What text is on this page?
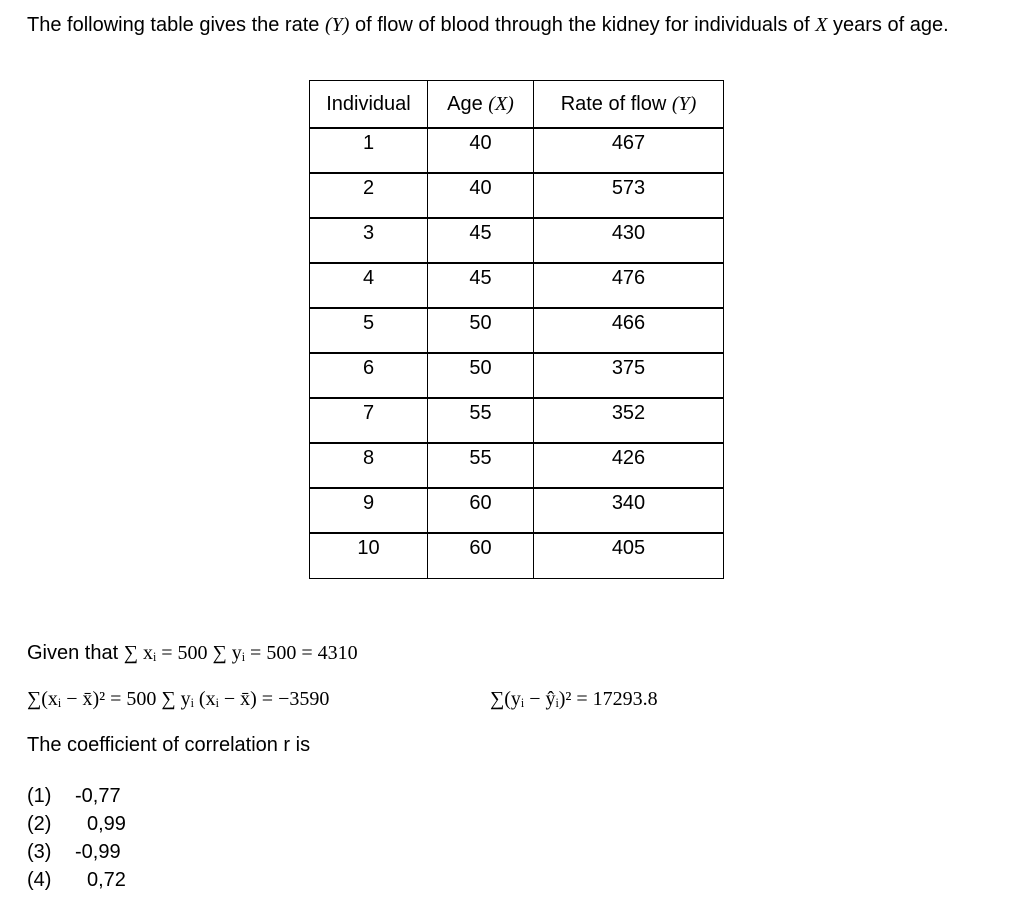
The following table gives the rate (Y) of flow of blood through the kidney for individuals of X years of age.

Individual	Age (X)	Rate of flow (Y)
1	40	467
2	40	573
3	45	430
4	45	476
5	50	466
6	50	375
7	55	352
8	55	426
9	60	340
10	60	405
Given that ∑ xᵢ = 500 ∑ yᵢ = 500 = 4310
∑(xᵢ − x̄)² = 500 ∑ yᵢ (xᵢ − x̄) = −3590	∑(yᵢ − ŷᵢ)² = 17293.8

The coefficient of correlation r is

(1)	-0,77
(2)	0,99
(3)	-0,99
(4)	0,72
